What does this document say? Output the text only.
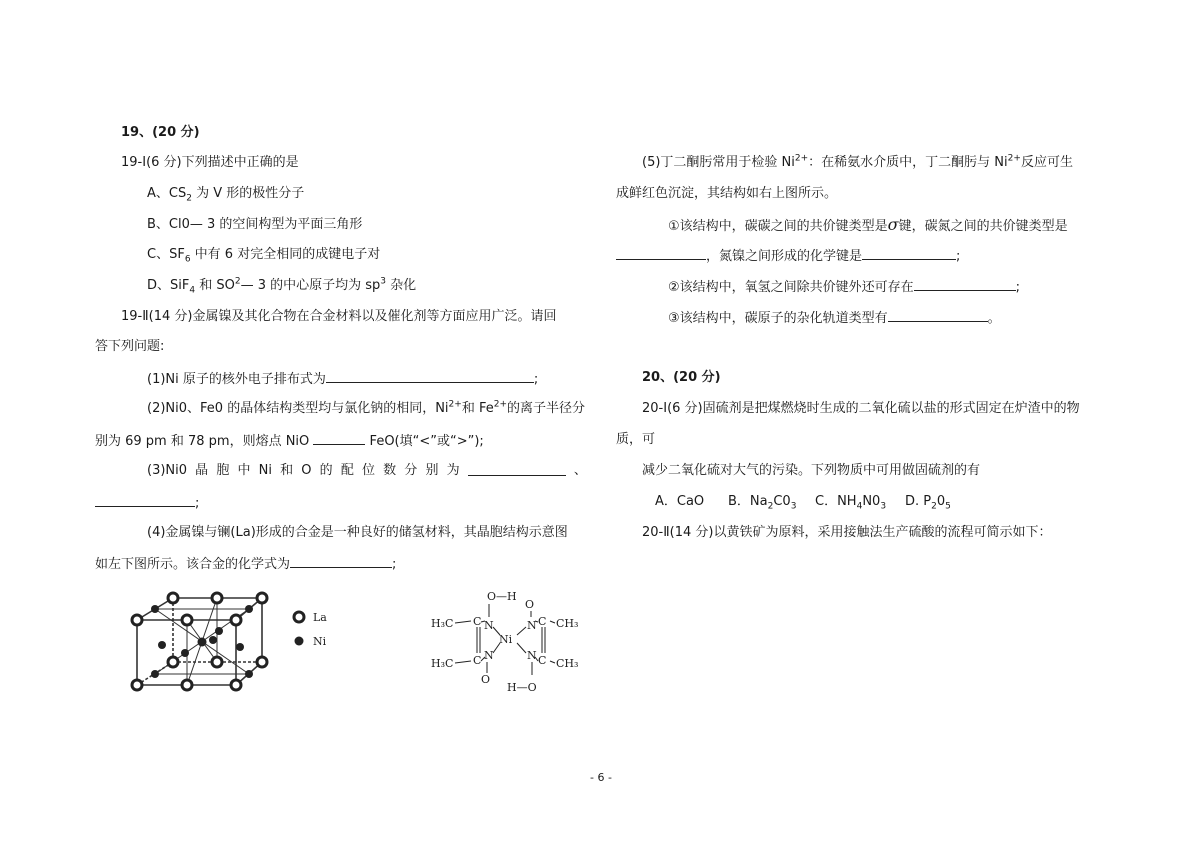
19、(20 分)
19-Ⅰ(6 分)下列描述中正确的是
A、$CS_2$ 为 V 形的极性分子
B、Cl0— 3 的空间构型为平面三角形
C、$SF_6$ 中有 6 对完全相同的成键电子对
D、SiF$_4$ 和 $SO^2—$ 3 的中心原子均为 $sp^3$ 杂化
19-Ⅱ(14 分)金属镍及其化合物在合金材料以及催化剂等方面应用广泛。请回
答下列问题:
(1)Ni 原子的核外电子排布式为	;
(2)Ni0、Fe0 的晶体结构类型均与氯化钠的相同，$Ni^{2+}$和 $Fe^{2+}$的离子半径分
别为 69 pm 和 78 pm，则熔点 NiO	FeO(填“<”或“>”);
(3)Ni0 晶 胞 中 Ni 和 O 的 配 位 数 分 别 为	、
;
(4)金属镍与镧(La)形成的合金是一种良好的储氢材料，其晶胞结构示意图
如左下图所示。该合金的化学式为	;
La
Ni
O—H
O
H₃C	CH₃
C N
Ni
N C
H₃C	CH₃
C N	N C
O
H—O
(5)丁二酮肟常用于检验 $Ni^{2+}$：在稀氨水介质中，丁二酮肟与 $Ni^{2+}$反应可生
成鲜红色沉淀，其结构如右上图所示。
①该结构中，碳碳之间的共价键类型是σ键，碳氮之间的共价键类型是
，氮镍之间形成的化学键是	;
②该结构中，氧氢之间除共价键外还可存在	;
③该结构中，碳原子的杂化轨道类型有	。
20、(20 分)
20-Ⅰ(6 分)固硫剂是把煤燃烧时生成的二氧化硫以盐的形式固定在炉渣中的物
质，可
减少二氧化硫对大气的污染。下列物质中可用做固硫剂的有
A．CaO B．$Na_2C0_3$ C．$NH_4N0_3$ D. $P_20_5$
20-Ⅱ(14 分)以黄铁矿为原料，采用接触法生产硫酸的流程可简示如下：
- 6 -
